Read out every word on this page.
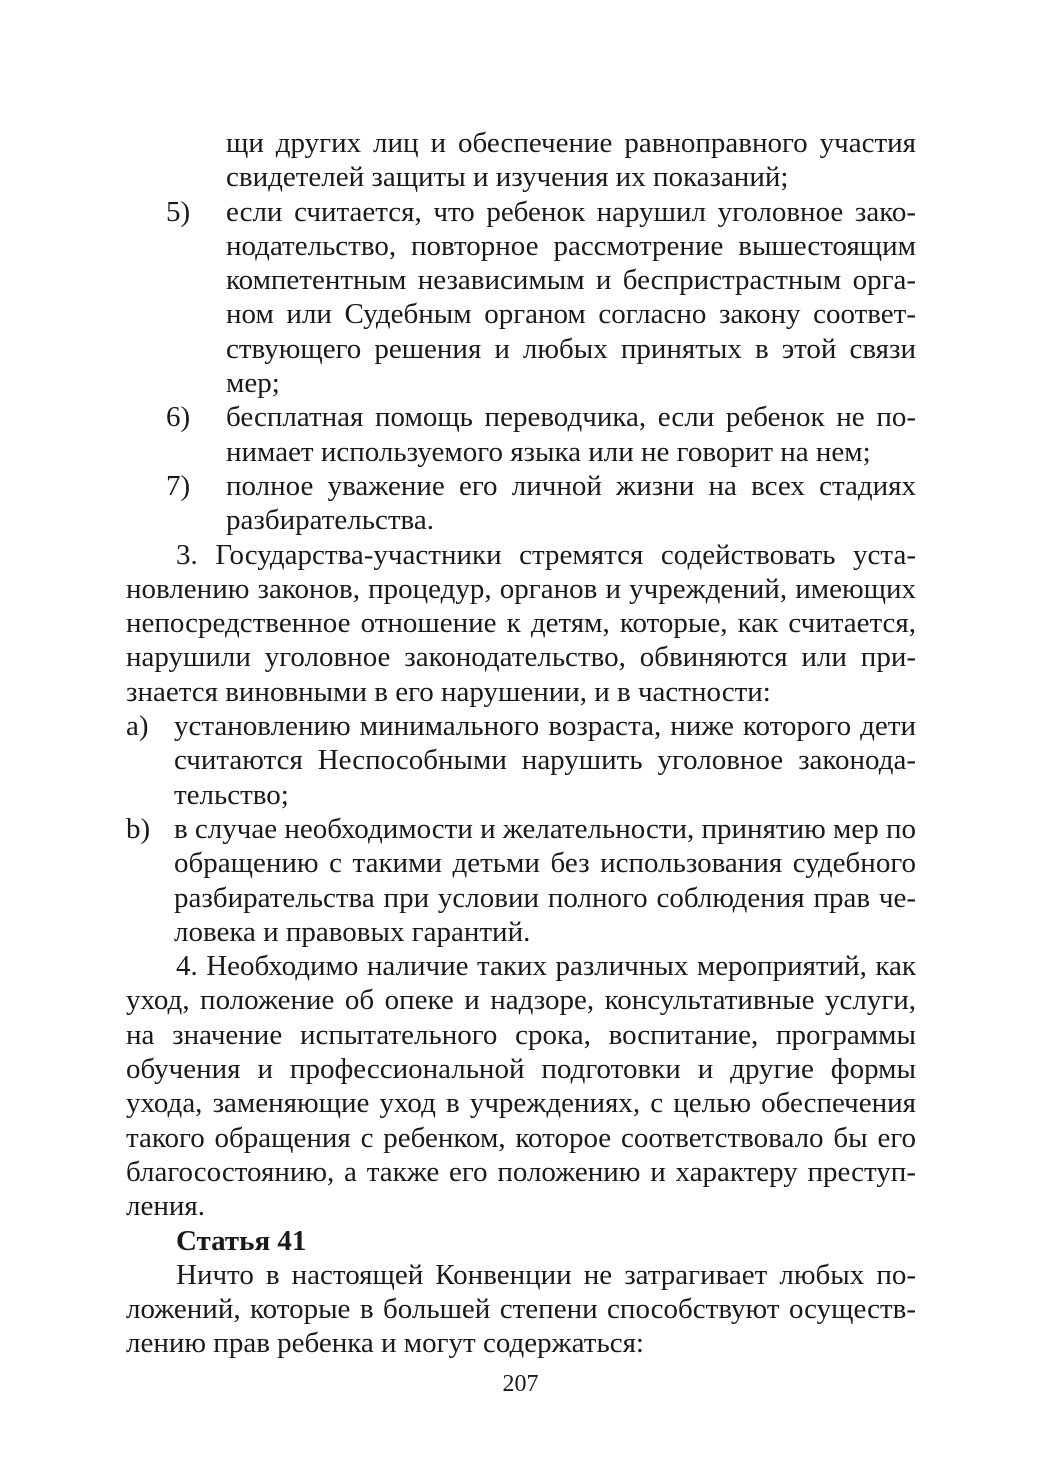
щи других лиц и обеспечение равноправного участия
свидетелей защиты и изучения их показаний;
5) если считается, что ребенок нарушил уголовное зако-
нодательство, повторное рассмотрение вышестоящим
компетентным независимым и беспристрастным орга-
ном или Судебным органом согласно закону соответ-
ствующего решения и любых принятых в этой связи
мер;
6) бесплатная помощь переводчика, если ребенок не по-
нимает используемого языка или не говорит на нем;
7) полное уважение его личной жизни на всех стадиях
разбирательства.
3. Государства-участники стремятся содействовать уста-
новлению законов, процедур, органов и учреждений, имеющих
непосредственное отношение к детям, которые, как считается,
нарушили уголовное законодательство, обвиняются или при-
знается виновными в его нарушении, и в частности:
a) установлению минимального возраста, ниже которого дети
считаются Неспособными нарушить уголовное законода-
тельство;
b) в случае необходимости и желательности, принятию мер по
обращению с такими детьми без использования судебного
разбирательства при условии полного соблюдения прав че-
ловека и правовых гарантий.
4. Необходимо наличие таких различных мероприятий, как
уход, положение об опеке и надзоре, консультативные услуги,
на значение испытательного срока, воспитание, программы
обучения и профессиональной подготовки и другие формы
ухода, заменяющие уход в учреждениях, с целью обеспечения
такого обращения с ребенком, которое соответствовало бы его
благосостоянию, а также его положению и характеру преступ-
ления.
Статья 41
Ничто в настоящей Конвенции не затрагивает любых по-
ложений, которые в большей степени способствуют осуществ-
лению прав ребенка и могут содержаться:
207
